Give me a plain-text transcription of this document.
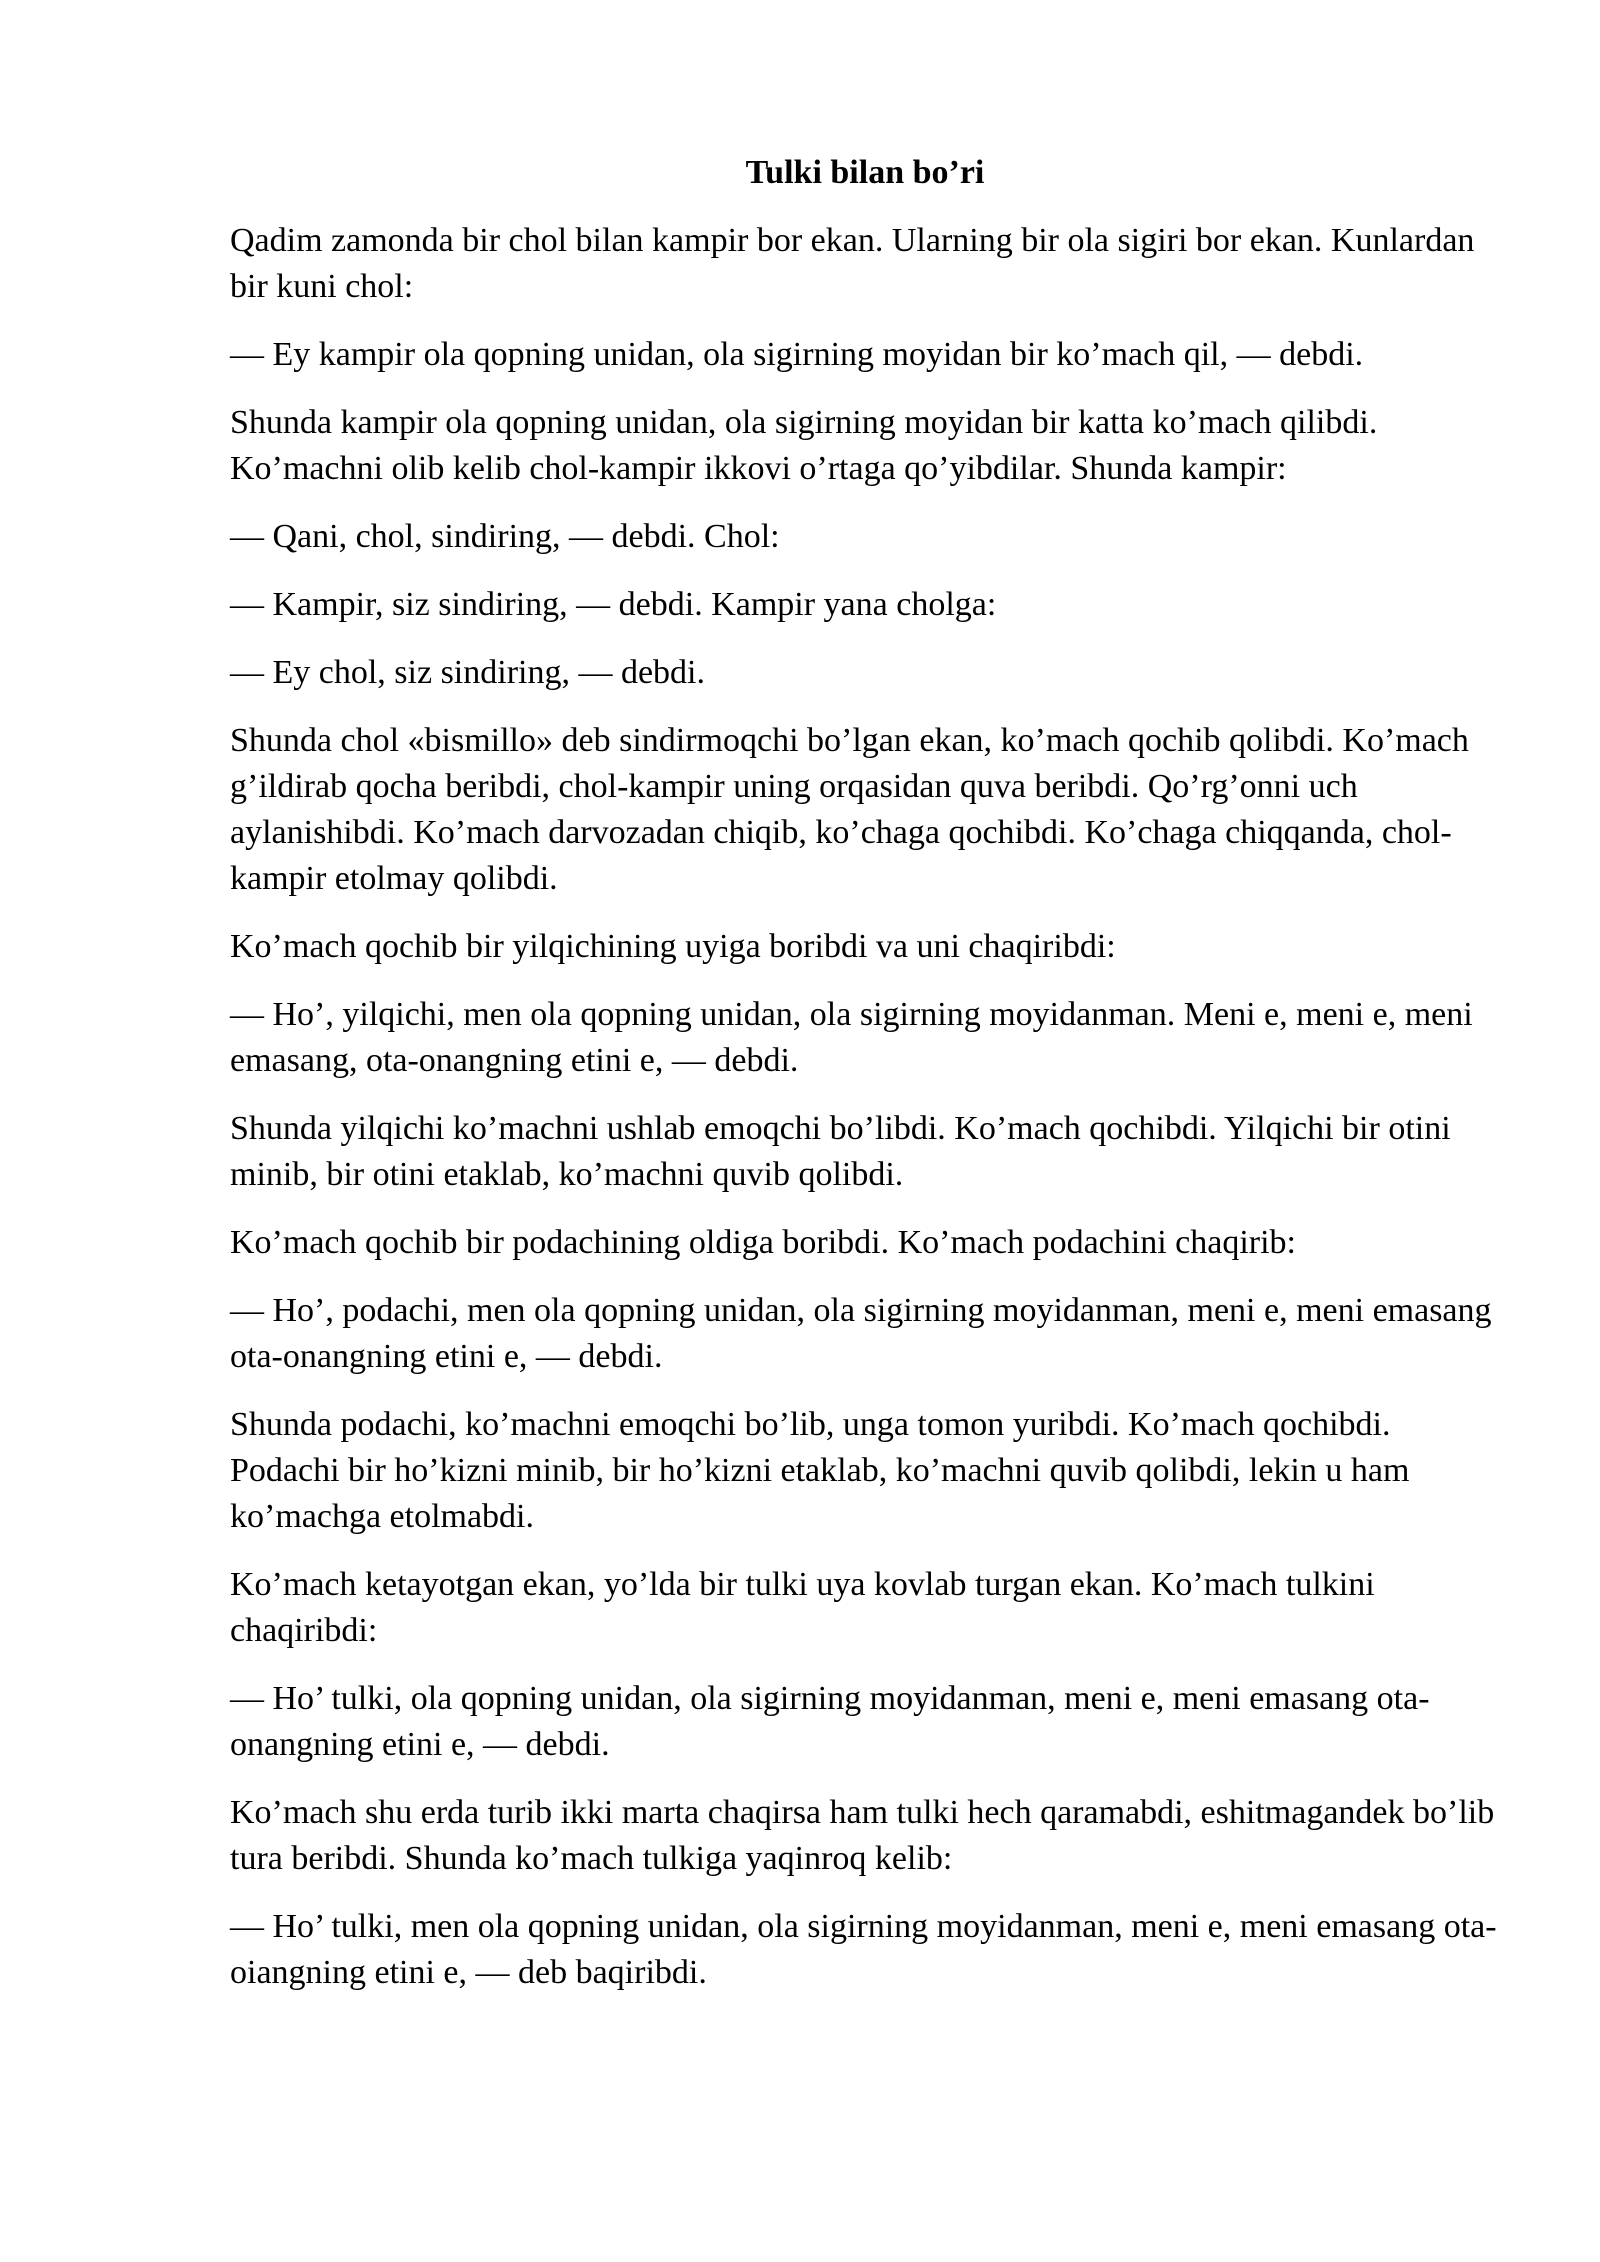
Tulki bilan bo’ri

Qadim zamonda bir chol bilan kampir bor ekan. Ularning bir ola sigiri bor ekan. Kunlardan bir kuni chol:

— Ey kampir ola qopning unidan, ola sigirning moyidan bir ko’mach qil, — debdi.

Shunda kampir ola qopning unidan, ola sigirning moyidan bir katta ko’mach qilibdi. Ko’machni olib kelib chol-kampir ikkovi o’rtaga qo’yibdilar. Shunda kampir:

— Qani, chol, sindiring, — debdi. Chol:

— Kampir, siz sindiring, — debdi. Kampir yana cholga:

— Ey chol, siz sindiring, — debdi.

Shunda chol «bismillo» deb sindirmoqchi bo’lgan ekan, ko’mach qochib qolibdi. Ko’mach g’ildirab qocha beribdi, chol-kampir uning orqasidan quva beribdi. Qo’rg’onni uch aylanishibdi. Ko’mach darvozadan chiqib, ko’chaga qochibdi. Ko’chaga chiqqanda, chol-kampir etolmay qolibdi.

Ko’mach qochib bir yilqichining uyiga boribdi va uni chaqiribdi:

— Ho’, yilqichi, men ola qopning unidan, ola sigirning moyidanman. Meni e, meni e, meni emasang, ota-onangning etini e, — debdi.

Shunda yilqichi ko’machni ushlab emoqchi bo’libdi. Ko’mach qochibdi. Yilqichi bir otini minib, bir otini etaklab, ko’machni quvib qolibdi.

Ko’mach qochib bir podachining oldiga boribdi. Ko’mach podachini chaqirib:

— Ho’, podachi, men ola qopning unidan, ola sigirning moyidanman, meni e, meni emasang ota-onangning etini e, — debdi.

Shunda podachi, ko’machni emoqchi bo’lib, unga tomon yuribdi. Ko’mach qochibdi. Podachi bir ho’kizni minib, bir ho’kizni etaklab, ko’machni quvib qolibdi, lekin u ham ko’machga etolmabdi.

Ko’mach ketayotgan ekan, yo’lda bir tulki uya kovlab turgan ekan. Ko’mach tulkini chaqiribdi:

— Ho’ tulki, ola qopning unidan, ola sigirning moyidanman, meni e, meni emasang ota-onangning etini e, — debdi.

Ko’mach shu erda turib ikki marta chaqirsa ham tulki hech qaramabdi, eshitmagandek bo’lib tura beribdi. Shunda ko’mach tulkiga yaqinroq kelib:

— Ho’ tulki, men ola qopning unidan, ola sigirning moyidanman, meni e, meni emasang ota-oiangning etini e, — deb baqiribdi.
